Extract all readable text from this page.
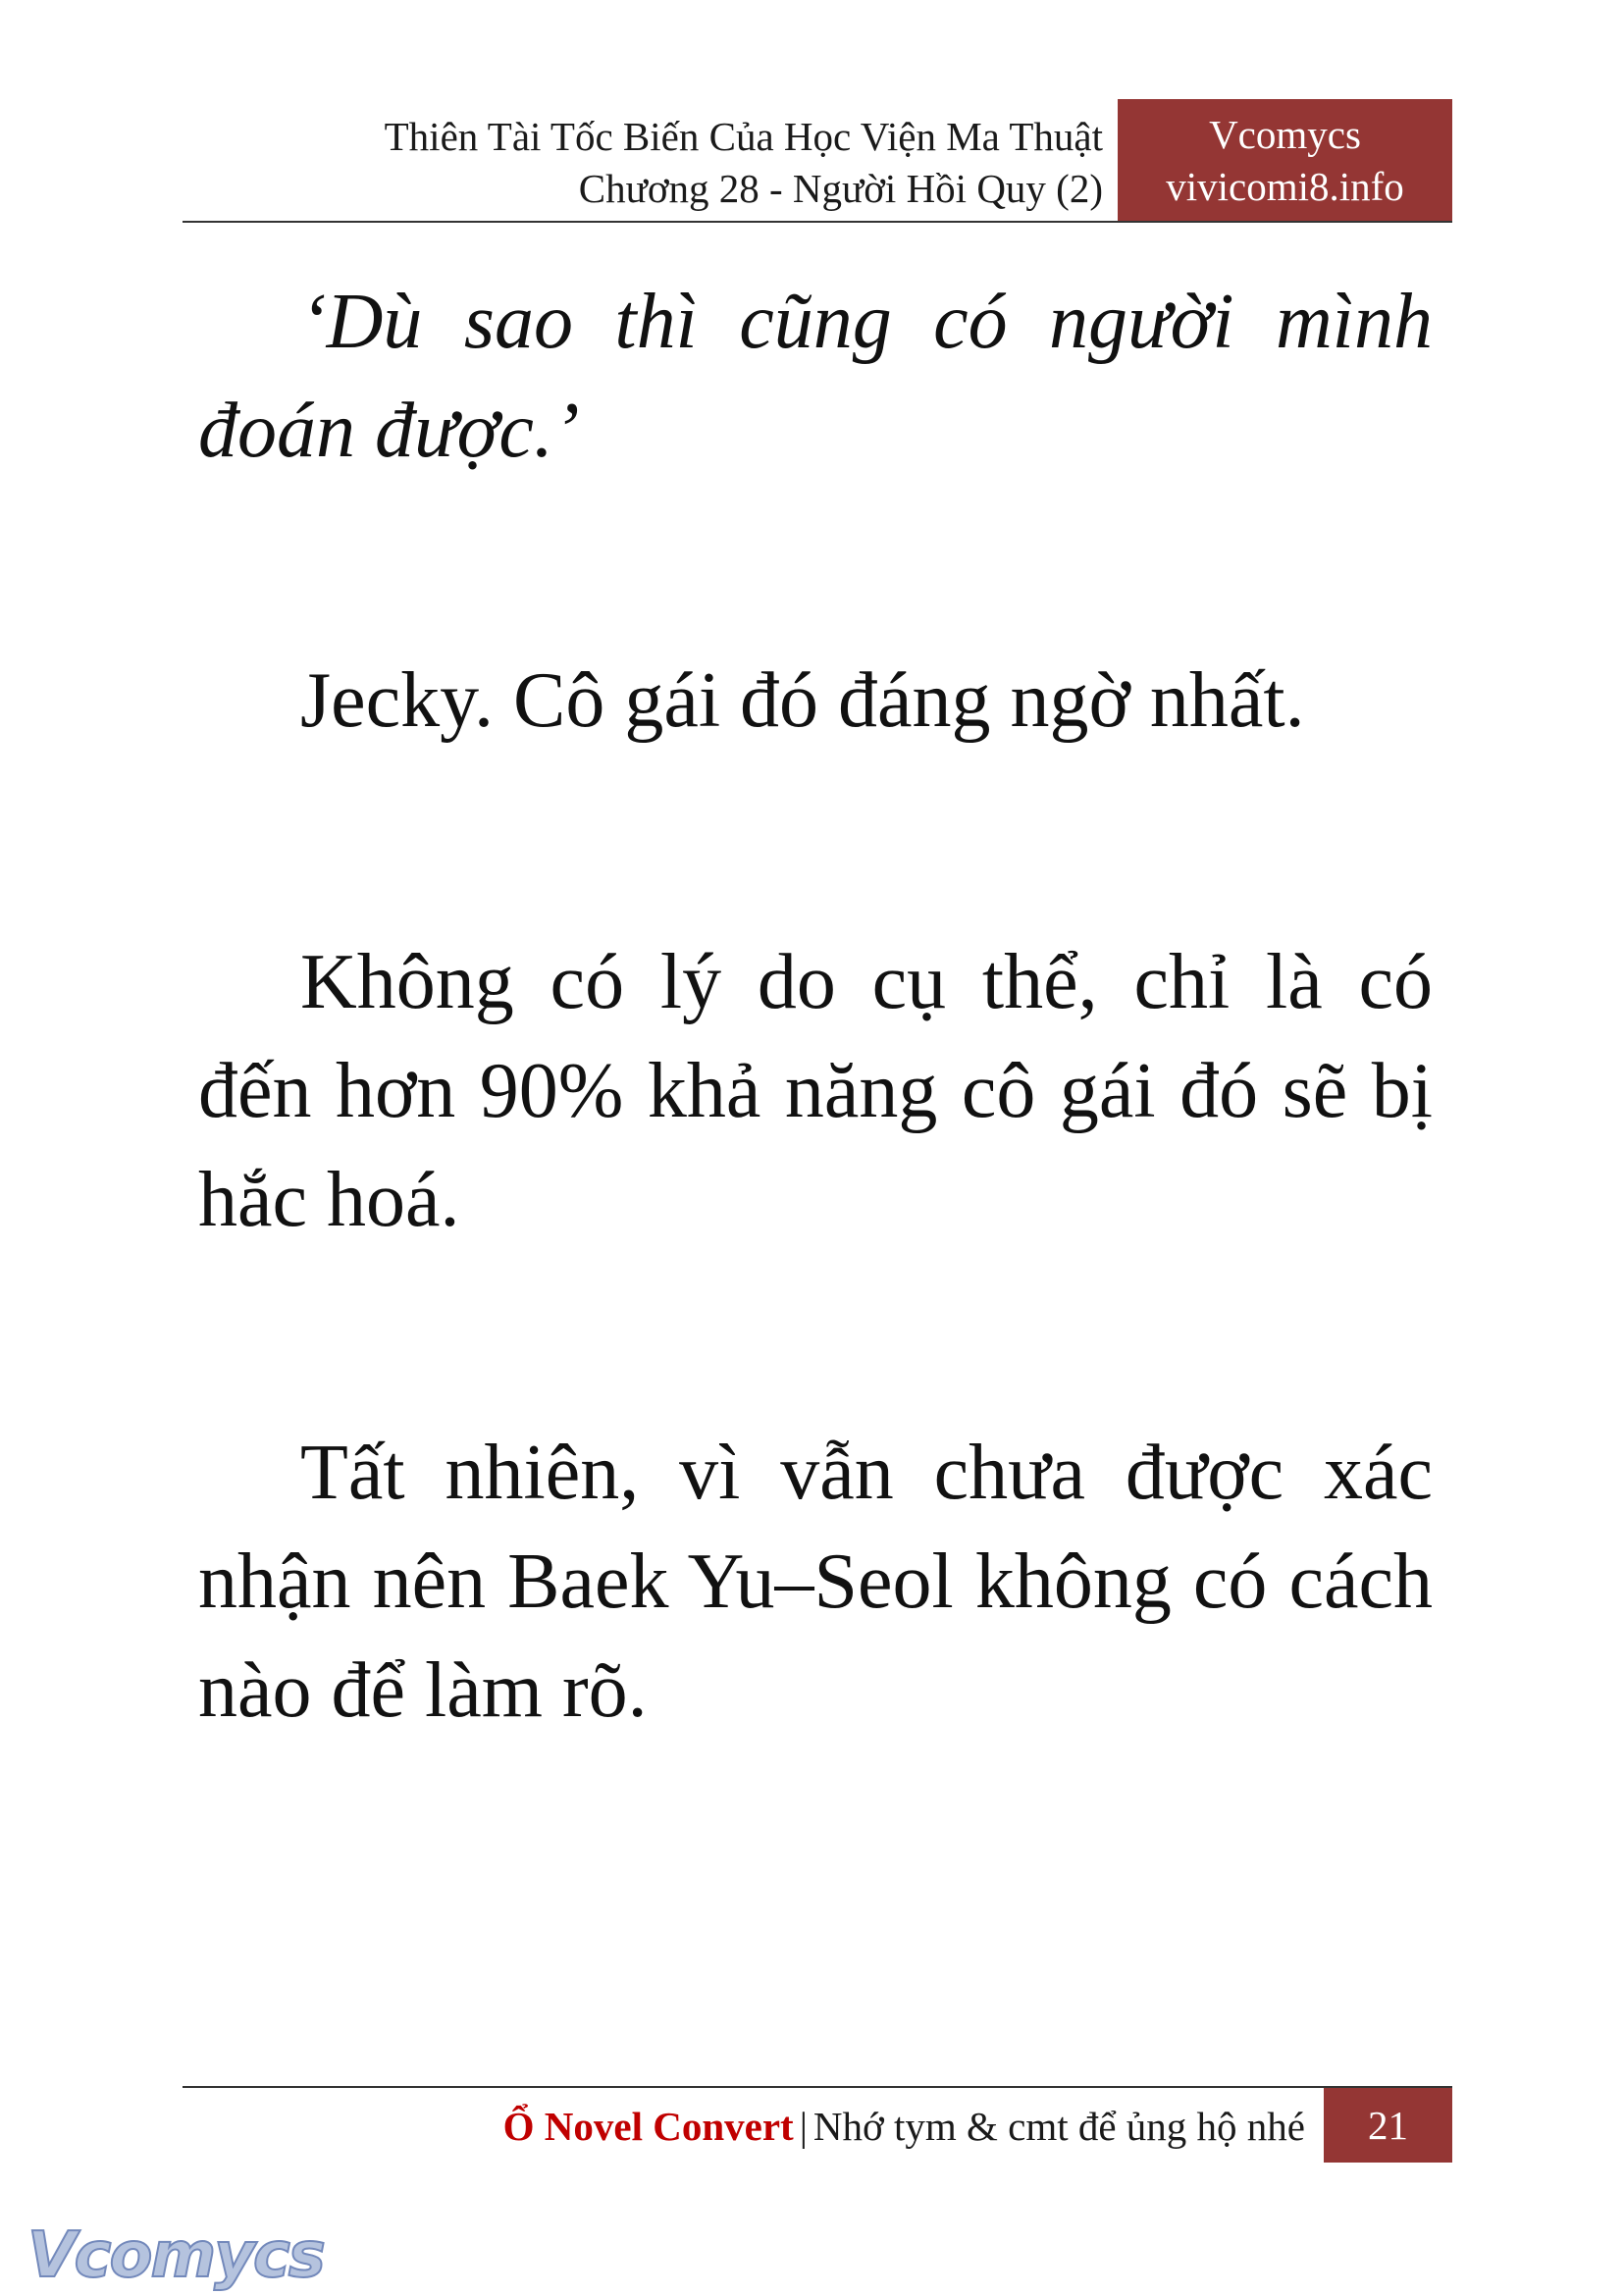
Thiên Tài Tốc Biến Của Học Viện Ma Thuật
Chương 28 - Người Hồi Quy (2)
Vcomycs
vivicomi8.info

‘Dù sao thì cũng có người mình đoán được.’

Jecky. Cô gái đó đáng ngờ nhất.

Không có lý do cụ thể, chỉ là có đến hơn 90% khả năng cô gái đó sẽ bị hắc hoá.

Tất nhiên, vì vẫn chưa được xác nhận nên Baek Yu–Seol không có cách nào để làm rõ.

Ổ Novel Convert | Nhớ tym & cmt để ủng hộ nhé	21
Vcomycs
